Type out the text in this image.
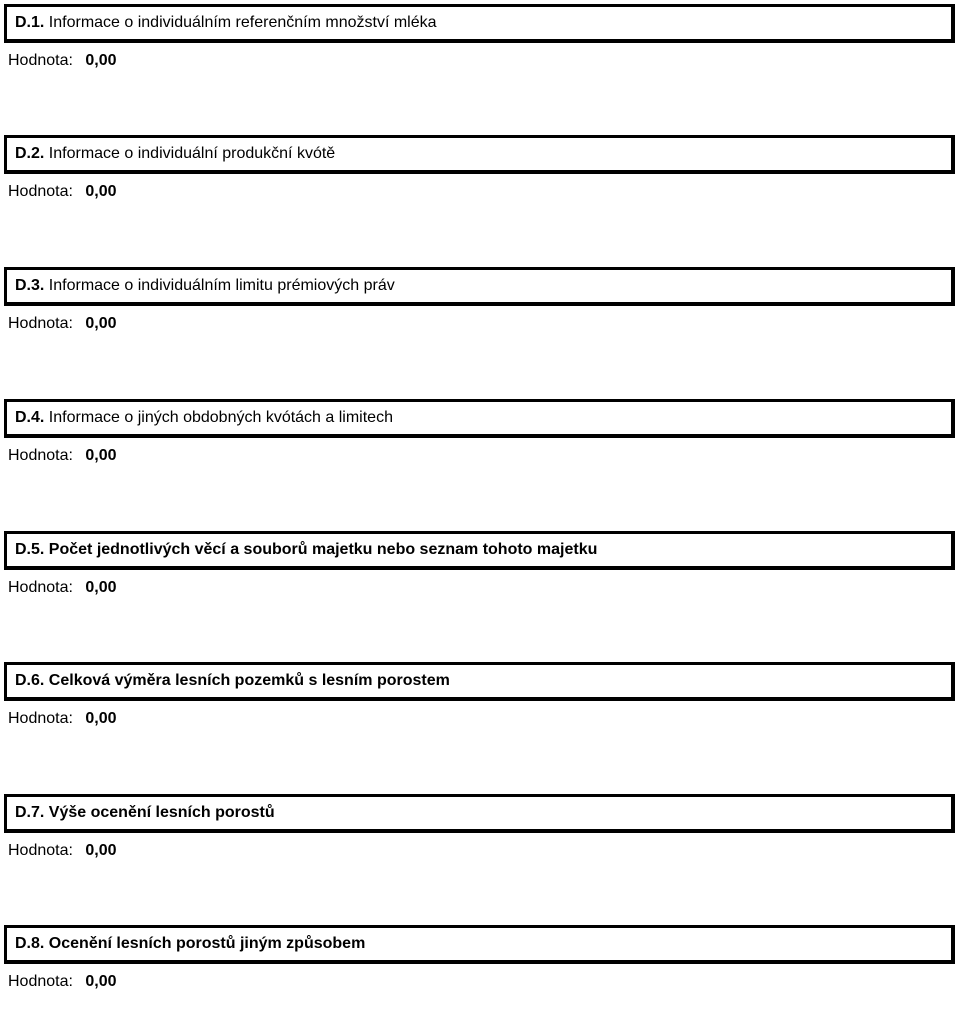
D.1. Informace o individuálním referenčním množství mléka
Hodnota: 0,00
D.2. Informace o individuální produkční kvótě
Hodnota: 0,00
D.3. Informace o individuálním limitu prémiových práv
Hodnota: 0,00
D.4. Informace o jiných obdobných kvótách a limitech
Hodnota: 0,00
D.5. Počet jednotlivých věcí a souborů majetku nebo seznam tohoto majetku
Hodnota: 0,00
D.6. Celková výměra lesních pozemků s lesním porostem
Hodnota: 0,00
D.7. Výše ocenění lesních porostů
Hodnota: 0,00
D.8. Ocenění lesních porostů jiným způsobem
Hodnota: 0,00
